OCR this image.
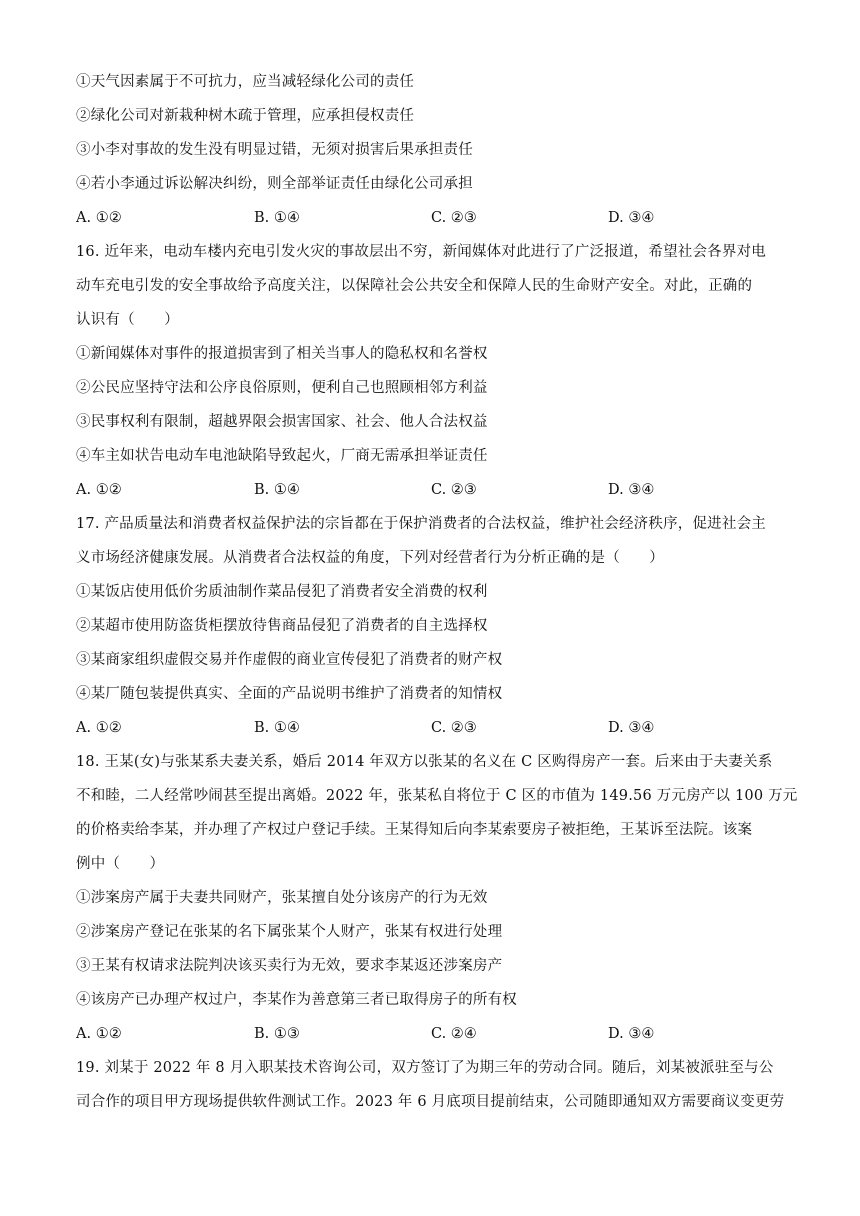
①天气因素属于不可抗力，应当减轻绿化公司的责任
②绿化公司对新栽种树木疏于管理，应承担侵权责任
③小李对事故的发生没有明显过错，无须对损害后果承担责任
④若小李通过诉讼解决纠纷，则全部举证责任由绿化公司承担
A. ①②	B. ①④	C. ②③	D. ③④
16. 近年来，电动车楼内充电引发火灾的事故层出不穷，新闻媒体对此进行了广泛报道，希望社会各界对电
动车充电引发的安全事故给予高度关注，以保障社会公共安全和保障人民的生命财产安全。对此，正确的
认识有（　　）
①新闻媒体对事件的报道损害到了相关当事人的隐私权和名誉权
②公民应坚持守法和公序良俗原则，便利自己也照顾相邻方利益
③民事权利有限制，超越界限会损害国家、社会、他人合法权益
④车主如状告电动车电池缺陷导致起火，厂商无需承担举证责任
A. ①②	B. ①④	C. ②③	D. ③④
17. 产品质量法和消费者权益保护法的宗旨都在于保护消费者的合法权益，维护社会经济秩序，促进社会主
义市场经济健康发展。从消费者合法权益的角度，下列对经营者行为分析正确的是（　　）
①某饭店使用低价劣质油制作菜品侵犯了消费者安全消费的权利
②某超市使用防盗货柜摆放待售商品侵犯了消费者的自主选择权
③某商家组织虚假交易并作虚假的商业宣传侵犯了消费者的财产权
④某厂随包装提供真实、全面的产品说明书维护了消费者的知情权
A. ①②	B. ①④	C. ②③	D. ③④
18. 王某(女)与张某系夫妻关系，婚后 2014 年双方以张某的名义在 C 区购得房产一套。后来由于夫妻关系
不和睦，二人经常吵闹甚至提出离婚。2022 年，张某私自将位于 C 区的市值为 149.56 万元房产以 100 万元
的价格卖给李某，并办理了产权过户登记手续。王某得知后向李某索要房子被拒绝，王某诉至法院。该案
例中（　　）
①涉案房产属于夫妻共同财产，张某擅自处分该房产的行为无效
②涉案房产登记在张某的名下属张某个人财产，张某有权进行处理
③王某有权请求法院判决该买卖行为无效，要求李某返还涉案房产
④该房产已办理产权过户，李某作为善意第三者已取得房子的所有权
A. ①②	B. ①③	C. ②④	D. ③④
19. 刘某于 2022 年 8 月入职某技术咨询公司，双方签订了为期三年的劳动合同。随后，刘某被派驻至与公
司合作的项目甲方现场提供软件测试工作。2023 年 6 月底项目提前结束，公司随即通知双方需要商议变更劳
